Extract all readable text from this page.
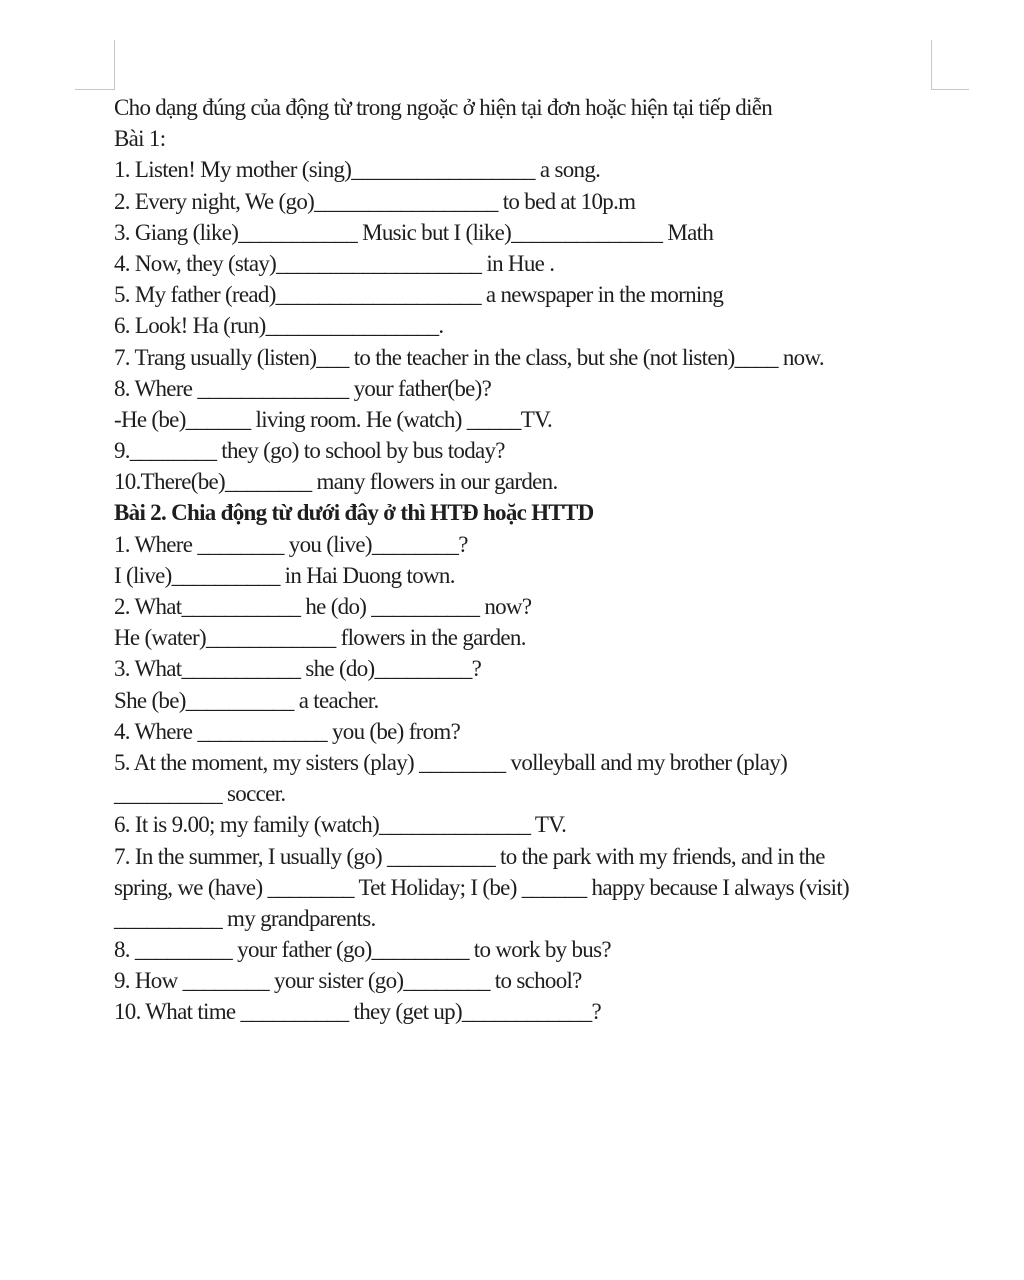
Cho dạng đúng của động từ trong ngoặc ở hiện tại đơn hoặc hiện tại tiếp diễn
Bài 1:
1. Listen! My mother (sing)_________________ a song.
2. Every night, We (go)_________________ to bed at 10p.m
3. Giang (like)___________ Music but I (like)______________ Math
4. Now, they (stay)___________________ in Hue .
5. My father (read)___________________ a newspaper in the morning
6. Look! Ha (run)________________.
7. Trang usually (listen)___ to the teacher in the class, but she (not listen)____ now.
8. Where ______________ your father(be)?
-He (be)______ living room. He (watch) _____TV.
9.________ they (go) to school by bus today?
10.There(be)________ many flowers in our garden.
Bài 2. Chia động từ dưới đây ở thì HTĐ hoặc HTTD
1. Where ________ you (live)________?
I (live)__________ in Hai Duong town.
2. What___________ he (do) __________ now?
He (water)____________ flowers in the garden.
3. What___________ she (do)_________?
She (be)__________ a teacher.
4. Where ____________ you (be) from?
5. At the moment, my sisters (play) ________ volleyball and my brother (play)
__________ soccer.
6. It is 9.00; my family (watch)______________ TV.
7. In the summer, I usually (go) __________ to the park with my friends, and in the
spring, we (have) ________ Tet Holiday; I (be) ______ happy because I always (visit)
__________ my grandparents.
8. _________ your father (go)_________ to work by bus?
9. How ________ your sister (go)________ to school?
10. What time __________ they (get up)____________?
